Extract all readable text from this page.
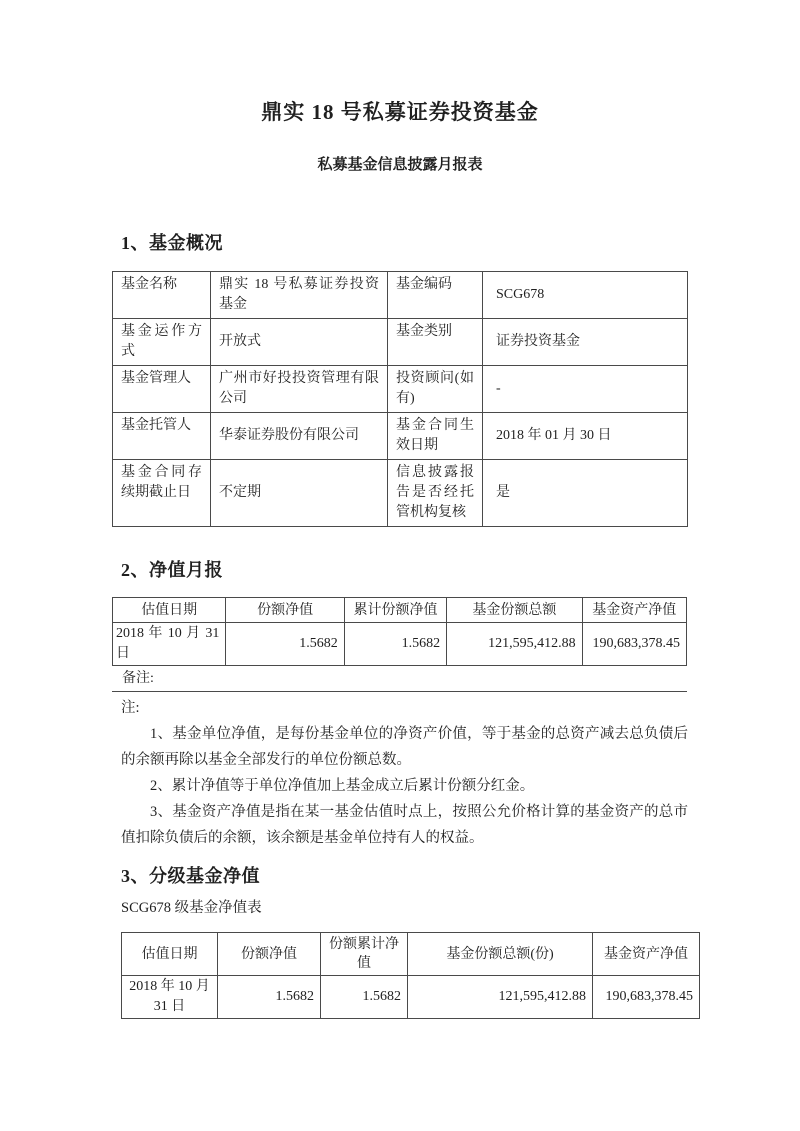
鼎实 18 号私募证券投资基金
私募基金信息披露月报表
1、基金概况
基金名称	鼎实 18 号私募证券投资基金	基金编码	SCG678
基金运作方式	开放式	基金类别	证券投资基金
基金管理人	广州市好投投资管理有限公司	投资顾问(如有)	-
基金托管人	华泰证券股份有限公司	基金合同生效日期	2018 年 01 月 30 日
基金合同存续期截止日	不定期	信息披露报告是否经托管机构复核	是
2、净值月报
估值日期	份额净值	累计份额净值	基金份额总额	基金资产净值
2018 年 10 月 31 日	1.5682	1.5682	121,595,412.88	190,683,378.45
备注:
注:

1、基金单位净值，是每份基金单位的净资产价值，等于基金的总资产减去总负债后的余额再除以基金全部发行的单位份额总数。

2、累计净值等于单位净值加上基金成立后累计份额分红金。

3、基金资产净值是指在某一基金估值时点上，按照公允价格计算的基金资产的总市值扣除负债后的余额，该余额是基金单位持有人的权益。

3、分级基金净值
SCG678 级基金净值表
估值日期	份额净值	份额累计净值	基金份额总额(份)	基金资产净值
2018 年 10 月 31 日	1.5682	1.5682	121,595,412.88	190,683,378.45
